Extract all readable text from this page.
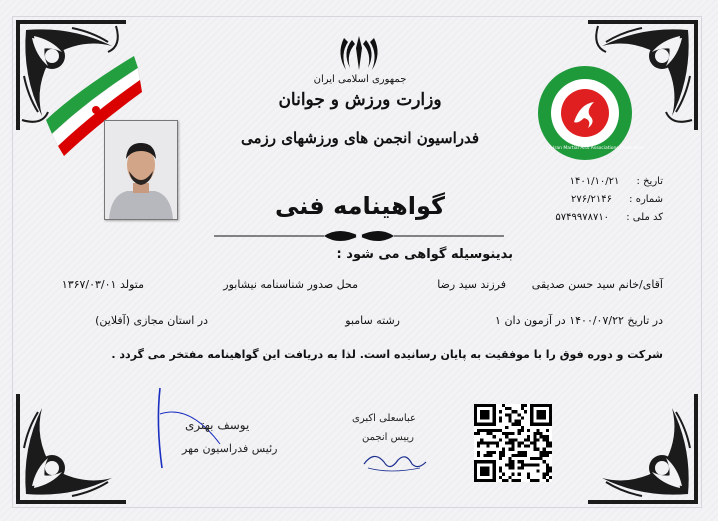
جمهوری اسلامی ایران
وزارت ورزش و جوانان
فدراسیون انجمن های ورزشهای رزمی
I.R.Iran Martial Arts Associations Federation
تاریخ : ۱۴۰۱/۱۰/۲۱
شماره : ۲۷۶/۲۱۴۶
کد ملی : ۵۷۴۹۹۷۸۷۱۰
گواهینامه فنی
بدینوسیله گواهی می شود :
آقای/خانم سید حسن صدیقی
فرزند سید رضا
محل صدور شناسنامه نیشابور
متولد ۱۳۶۷/۰۳/۰۱
در تاریخ ۱۴۰۰/۰۷/۲۲ در آزمون دان ۱
رشته سامبو
در استان مجازی (آفلاین)
شرکت و دوره فوق را با موفقیت به پایان رسانیده است. لذا به دریافت این گواهینامه مفتخر می گردد .
یوسف بهتری
رئیس فدراسیون مهر
عباسعلی اکبری
رییس انجمن
